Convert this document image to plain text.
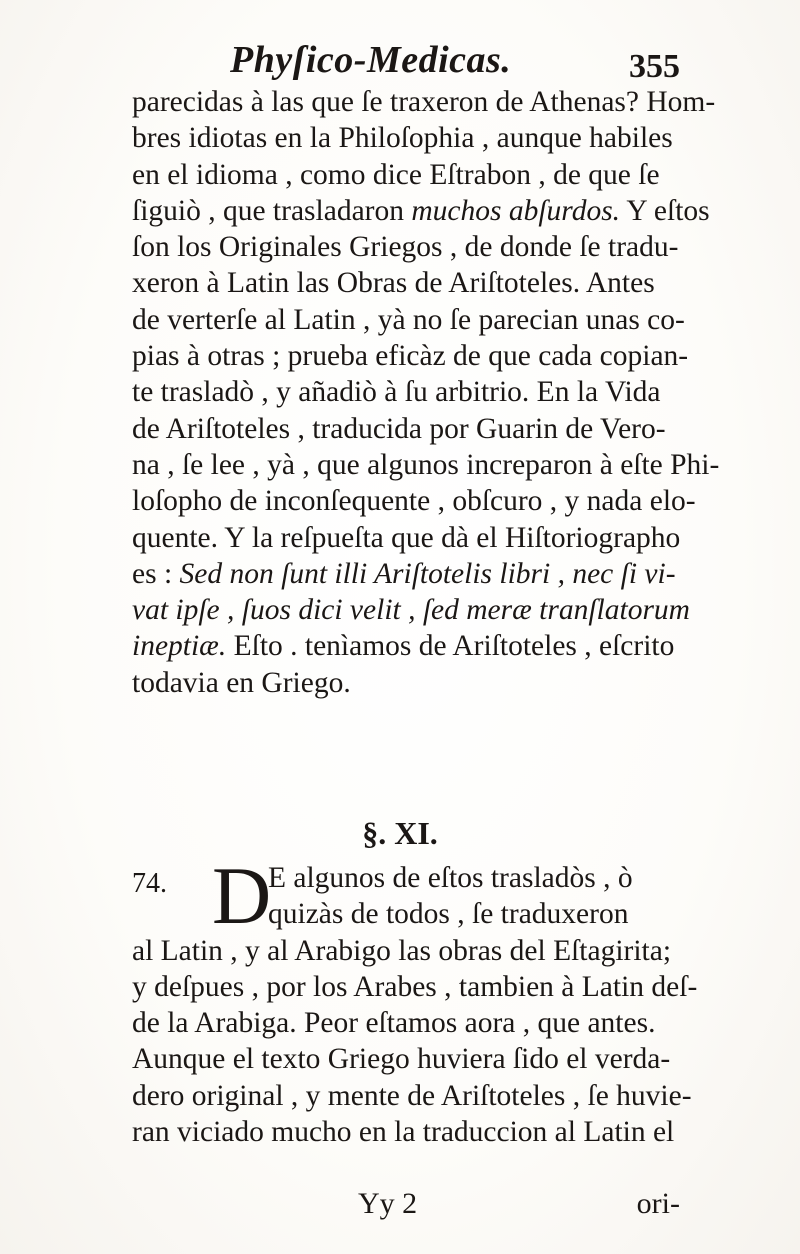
Phyſico-Medicas.	355
parecidas à las que ſe traxeron de Athenas? Hom-
bres idiotas en la Philoſophia , aunque habiles
en el idioma , como dice Eſtrabon , de que ſe
ſiguiò , que trasladaron muchos abſurdos. Y eſtos
ſon los Originales Griegos , de donde ſe tradu-
xeron à Latin las Obras de Ariſtoteles. Antes
de verterſe al Latin , yà no ſe parecian unas co-
pias à otras ; prueba eficàz de que cada copian-
te trasladò , y añadiò à ſu arbitrio. En la Vida
de Ariſtoteles , traducida por Guarin de Vero-
na , ſe lee , yà , que algunos increparon à eſte Phi-
loſopho de inconſequente , obſcuro , y nada elo-
quente. Y la reſpueſta que dà el Hiſtoriographo
es : Sed non ſunt illi Ariſtotelis libri , nec ſi vi-
vat ipſe , ſuos dici velit , ſed meræ tranſlatorum
ineptiæ. Eſto . tenìamos de Ariſtoteles , eſcrito
todavia en Griego.
§. XI.
74. D
E algunos de eſtos trasladòs , ò
quizàs de todos , ſe traduxeron
al Latin , y al Arabigo las obras del Eſtagirita;
y deſpues , por los Arabes , tambien à Latin deſ-
de la Arabiga. Peor eſtamos aora , que antes.
Aunque el texto Griego huviera ſido el verda-
dero original , y mente de Ariſtoteles , ſe huvie-
ran viciado mucho en la traduccion al Latin el
Yy 2	ori-
